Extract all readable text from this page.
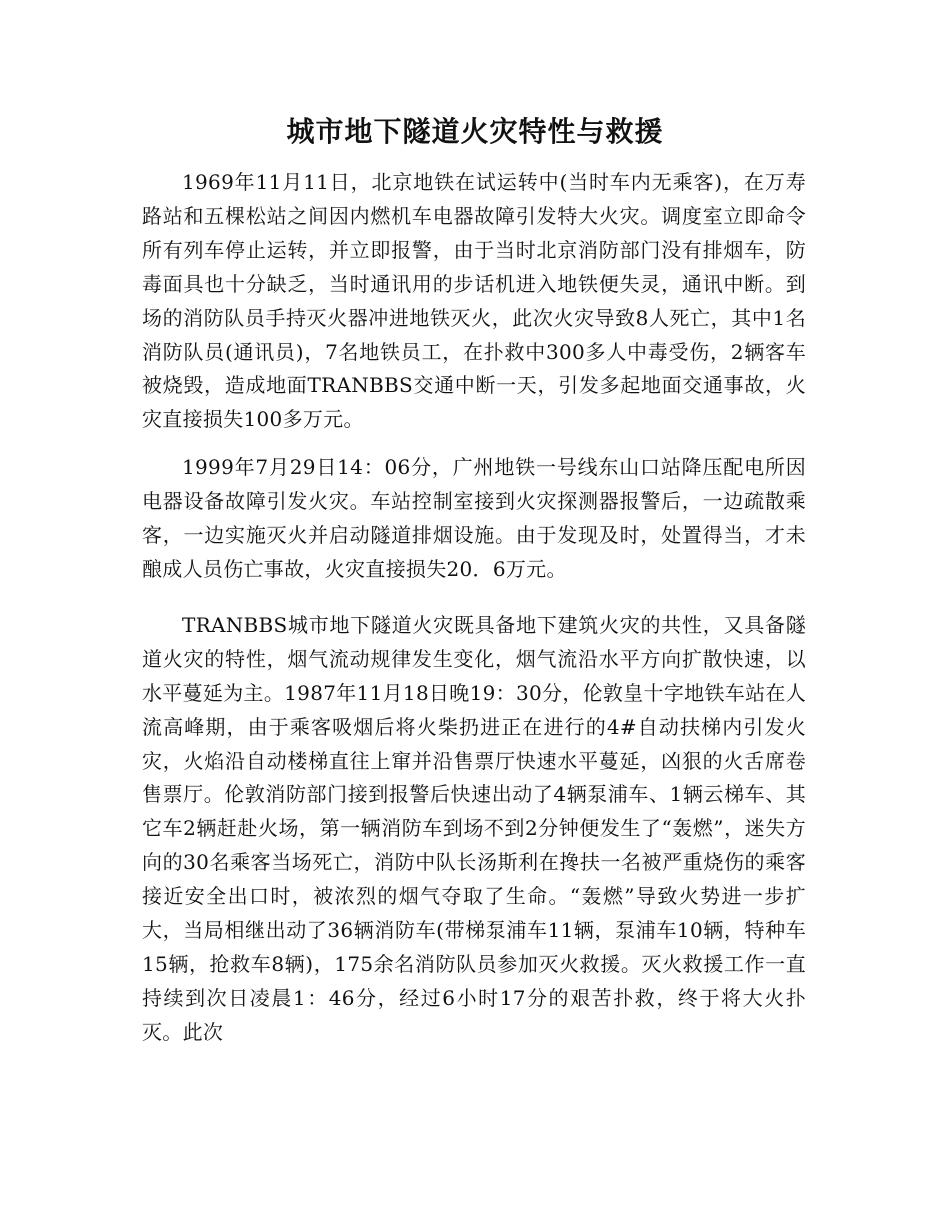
城市地下隧道火灾特性与救援

1969年11月11日，北京地铁在试运转中(当时车内无乘客)，在万寿路站和五棵松站之间因内燃机车电器故障引发特大火灾。调度室立即命令所有列车停止运转，并立即报警，由于当时北京消防部门没有排烟车，防毒面具也十分缺乏，当时通讯用的步话机进入地铁便失灵，通讯中断。到场的消防队员手持灭火器冲进地铁灭火，此次火灾导致8人死亡，其中1名消防队员(通讯员)，7名地铁员工，在扑救中300多人中毒受伤，2辆客车被烧毁，造成地面TRANBBS交通中断一天，引发多起地面交通事故，火灾直接损失100多万元。

1999年7月29日14：06分，广州地铁一号线东山口站降压配电所因电器设备故障引发火灾。车站控制室接到火灾探测器报警后，一边疏散乘客，一边实施灭火并启动隧道排烟设施。由于发现及时，处置得当，才未酿成人员伤亡事故，火灾直接损失20．6万元。

TRANBBS城市地下隧道火灾既具备地下建筑火灾的共性，又具备隧道火灾的特性，烟气流动规律发生变化，烟气流沿水平方向扩散快速，以水平蔓延为主。1987年11月18日晚19：30分，伦敦皇十字地铁车站在人流高峰期，由于乘客吸烟后将火柴扔进正在进行的4#自动扶梯内引发火灾，火焰沿自动楼梯直往上窜并沿售票厅快速水平蔓延，凶狠的火舌席卷售票厅。伦敦消防部门接到报警后快速出动了4辆泵浦车、1辆云梯车、其它车2辆赶赴火场，第一辆消防车到场不到2分钟便发生了“轰燃”，迷失方向的30名乘客当场死亡，消防中队长汤斯利在搀扶一名被严重烧伤的乘客接近安全出口时，被浓烈的烟气夺取了生命。“轰燃”导致火势进一步扩大，当局相继出动了36辆消防车(带梯泵浦车11辆，泵浦车10辆，特种车15辆，抢救车8辆)，175余名消防队员参加灭火救援。灭火救援工作一直持续到次日凌晨1：46分，经过6小时17分的艰苦扑救，终于将大火扑灭。此次
